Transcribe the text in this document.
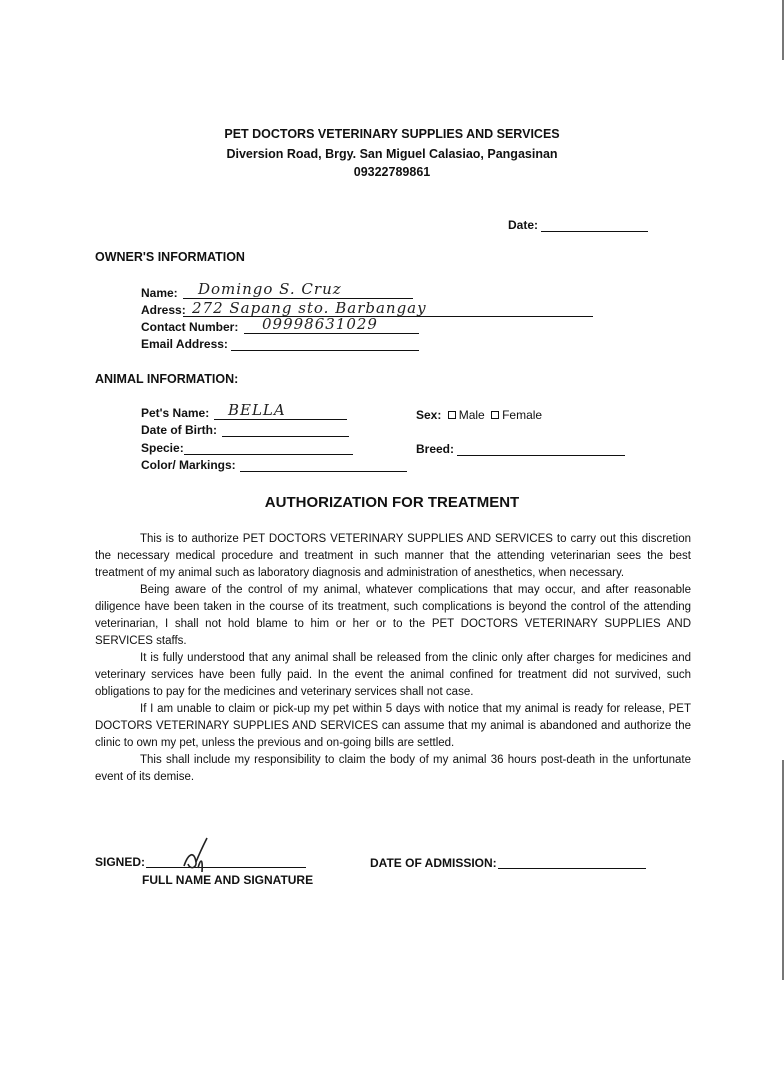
PET DOCTORS VETERINARY SUPPLIES AND SERVICES
Diversion Road, Brgy. San Miguel Calasiao, Pangasinan
09322789861
Date:
OWNER'S INFORMATION
Name: Domingo S. Cruz
Adress: 272 Sapang sto. Barbangay
Contact Number: 09998631029
Email Address:
ANIMAL INFORMATION:
Pet's Name: BELLA	Sex: Male Female
Date of Birth:
Specie:	Breed:
Color/ Markings:
AUTHORIZATION FOR TREATMENT

This is to authorize PET DOCTORS VETERINARY SUPPLIES AND SERVICES to carry out this discretion the necessary medical procedure and treatment in such manner that the attending veterinarian sees the best treatment of my animal such as laboratory diagnosis and administration of anesthetics, when necessary.

Being aware of the control of my animal, whatever complications that may occur, and after reasonable diligence have been taken in the course of its treatment, such complications is beyond the control of the attending veterinarian, I shall not hold blame to him or her or to the PET DOCTORS VETERINARY SUPPLIES AND SERVICES staffs.

It is fully understood that any animal shall be released from the clinic only after charges for medicines and veterinary services have been fully paid. In the event the animal confined for treatment did not survived, such obligations to pay for the medicines and veterinary services shall not case.

If I am unable to claim or pick-up my pet within 5 days with notice that my animal is ready for release, PET DOCTORS VETERINARY SUPPLIES AND SERVICES can assume that my animal is abandoned and authorize the clinic to own my pet, unless the previous and on-going bills are settled.

This shall include my responsibility to claim the body of my animal 36 hours post-death in the unfortunate event of its demise.

SIGNED:
FULL NAME AND SIGNATURE
DATE OF ADMISSION:
